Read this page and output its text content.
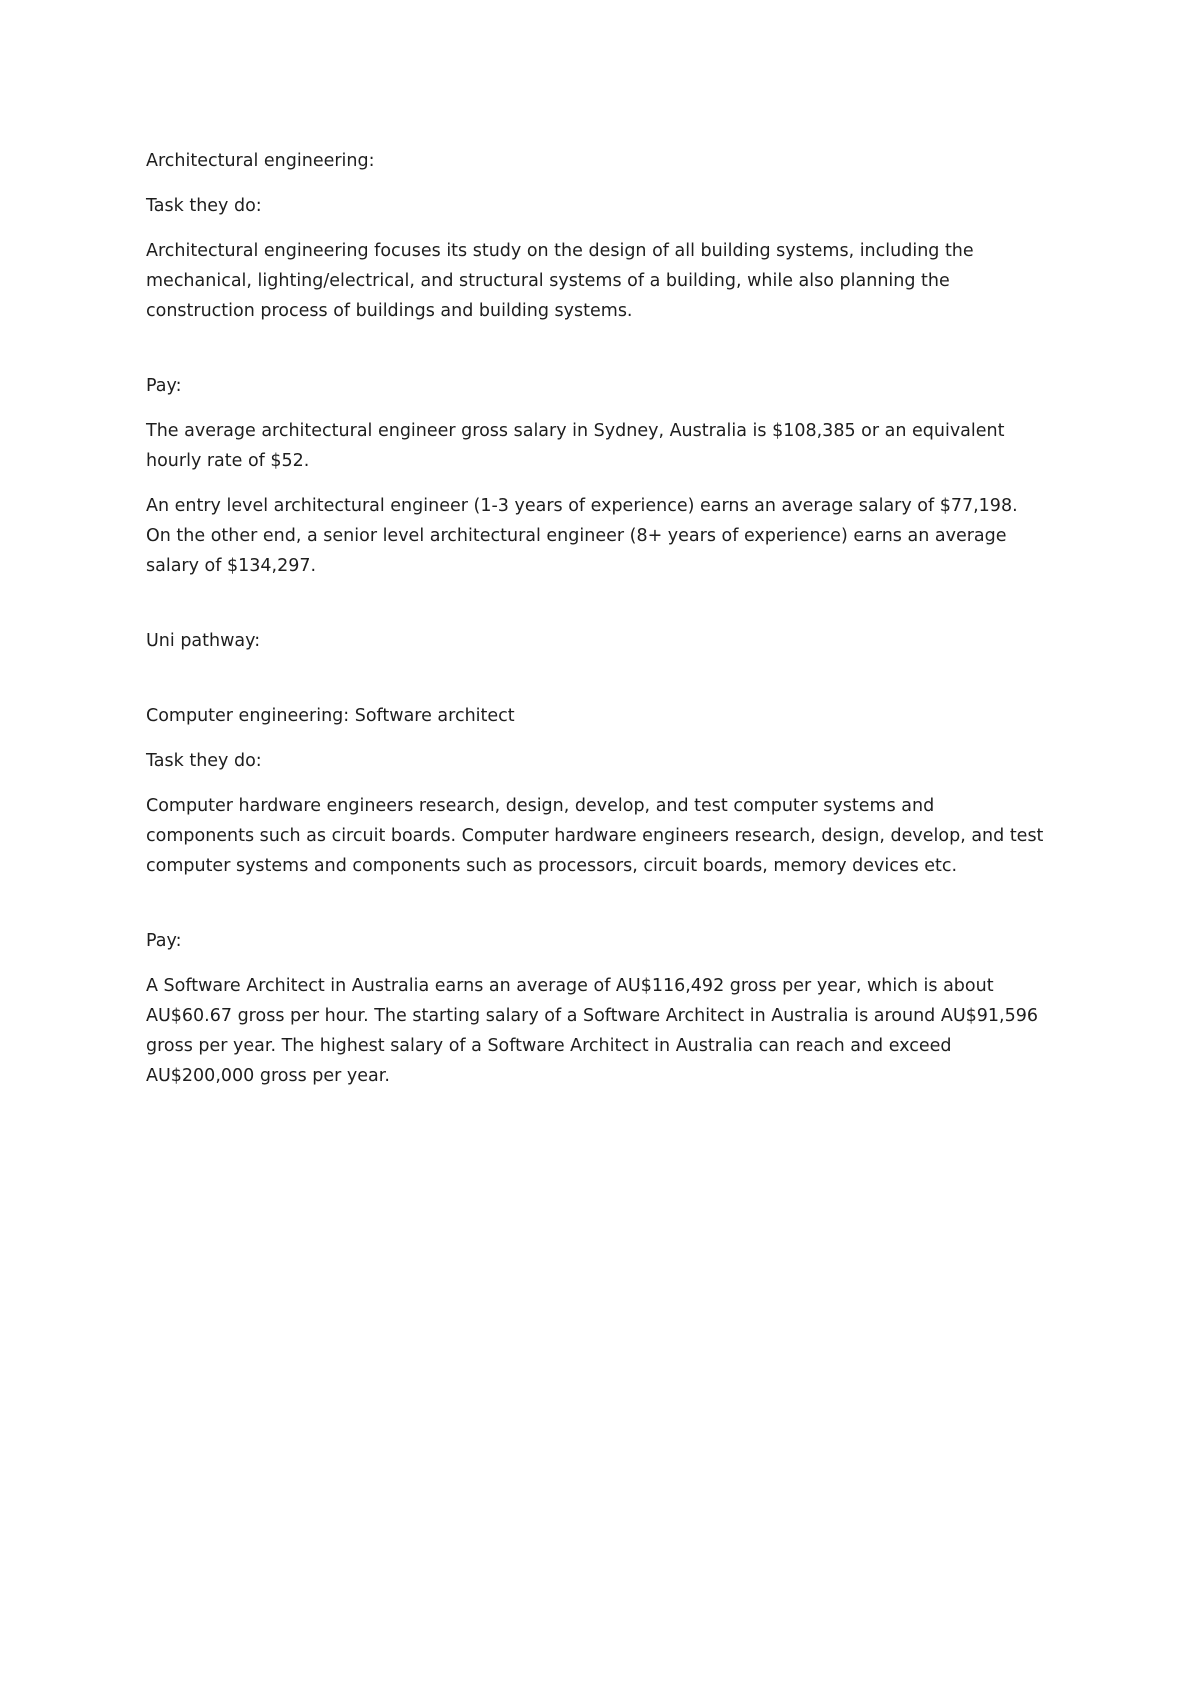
Architectural engineering:

Task they do:

Architectural engineering focuses its study on the design of all building systems, including the mechanical, lighting/electrical, and structural systems of a building, while also planning the construction process of buildings and building systems.

Pay:

The average architectural engineer gross salary in Sydney, Australia is $108,385 or an equivalent hourly rate of $52.

An entry level architectural engineer (1-3 years of experience) earns an average salary of $77,198. On the other end, a senior level architectural engineer (8+ years of experience) earns an average salary of $134,297.

Uni pathway:

Computer engineering: Software architect

Task they do:

Computer hardware engineers research, design, develop, and test computer systems and components such as circuit boards. Computer hardware engineers research, design, develop, and test computer systems and components such as processors, circuit boards, memory devices etc.

Pay:

A Software Architect in Australia earns an average of AU$116,492 gross per year, which is about AU$60.67 gross per hour. The starting salary of a Software Architect in Australia is around AU$91,596 gross per year. The highest salary of a Software Architect in Australia can reach and exceed AU$200,000 gross per year.
